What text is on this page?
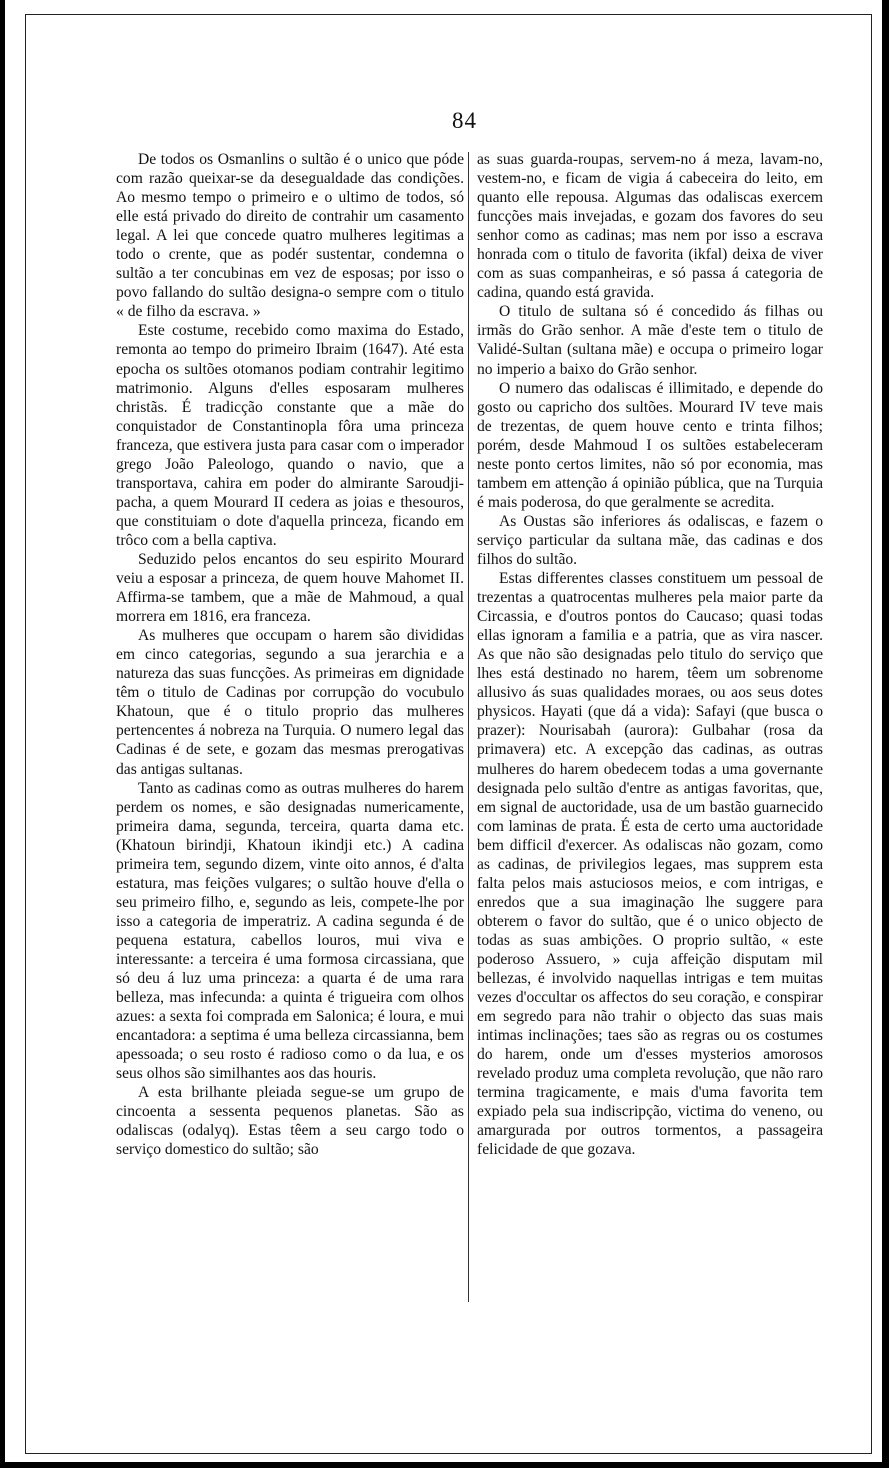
84

De todos os Osmanlins o sultão é o unico que póde com razão queixar-se da desegualdade das condições. Ao mesmo tempo o primeiro e o ultimo de todos, só elle está privado do direito de contrahir um casamento legal. A lei que concede quatro mulheres legitimas a todo o crente, que as podér sustentar, condemna o sultão a ter concubinas em vez de esposas; por isso o povo fallando do sultão designa-o sempre com o titulo « de filho da escrava. »

Este costume, recebido como maxima do Estado, remonta ao tempo do primeiro Ibraim (1647). Até esta epocha os sultões otomanos podiam contrahir legitimo matrimonio. Alguns d'elles esposaram mulheres christãs. É tradicção constante que a mãe do conquistador de Constantinopla fôra uma princeza franceza, que estivera justa para casar com o imperador grego João Paleologo, quando o navio, que a transportava, cahira em poder do almirante Saroudji-pacha, a quem Mourard II cedera as joias e thesouros, que constituiam o dote d'aquella princeza, ficando em trôco com a bella captiva.

Seduzido pelos encantos do seu espirito Mourard veiu a esposar a princeza, de quem houve Mahomet II. Affirma-se tambem, que a mãe de Mahmoud, a qual morrera em 1816, era franceza.

As mulheres que occupam o harem são divididas em cinco categorias, segundo a sua jerarchia e a natureza das suas funcções. As primeiras em dignidade têm o titulo de Cadinas por corrupção do vocubulo Khatoun, que é o titulo proprio das mulheres pertencentes á nobreza na Turquia. O numero legal das Cadinas é de sete, e gozam das mesmas prerogativas das antigas sultanas.

Tanto as cadinas como as outras mulheres do harem perdem os nomes, e são designadas numericamente, primeira dama, segunda, terceira, quarta dama etc. (Khatoun birindji, Khatoun ikindji etc.) A cadina primeira tem, segundo dizem, vinte oito annos, é d'alta estatura, mas feições vulgares; o sultão houve d'ella o seu primeiro filho, e, segundo as leis, compete-lhe por isso a categoria de imperatriz. A cadina segunda é de pequena estatura, cabellos louros, mui viva e interessante: a terceira é uma formosa circassiana, que só deu á luz uma princeza: a quarta é de uma rara belleza, mas infecunda: a quinta é trigueira com olhos azues: a sexta foi comprada em Salonica; é loura, e mui encantadora: a septima é uma belleza circassianna, bem apessoada; o seu rosto é radioso como o da lua, e os seus olhos são similhantes aos das houris.

A esta brilhante pleiada segue-se um grupo de cincoenta a sessenta pequenos planetas. São as odaliscas (odalyq). Estas têem a seu cargo todo o serviço domestico do sultão; são

as suas guarda-roupas, servem-no á meza, lavam-no, vestem-no, e ficam de vigia á cabeceira do leito, em quanto elle repousa. Algumas das odaliscas exercem funcções mais invejadas, e gozam dos favores do seu senhor como as cadinas; mas nem por isso a escrava honrada com o titulo de favorita (ikfal) deixa de viver com as suas companheiras, e só passa á categoria de cadina, quando está gravida.

O titulo de sultana só é concedido ás filhas ou irmãs do Grão senhor. A mãe d'este tem o titulo de Validé-Sultan (sultana mãe) e occupa o primeiro logar no imperio a baixo do Grão senhor.

O numero das odaliscas é illimitado, e depende do gosto ou capricho dos sultões. Mourard IV teve mais de trezentas, de quem houve cento e trinta filhos; porém, desde Mahmoud I os sultões estabeleceram neste ponto certos limites, não só por economia, mas tambem em attenção á opinião pública, que na Turquia é mais poderosa, do que geralmente se acredita.

As Oustas são inferiores ás odaliscas, e fazem o serviço particular da sultana mãe, das cadinas e dos filhos do sultão.

Estas differentes classes constituem um pessoal de trezentas a quatrocentas mulheres pela maior parte da Circassia, e d'outros pontos do Caucaso; quasi todas ellas ignoram a familia e a patria, que as vira nascer. As que não são designadas pelo titulo do serviço que lhes está destinado no harem, têem um sobrenome allusivo ás suas qualidades moraes, ou aos seus dotes physicos. Hayati (que dá a vida): Safayi (que busca o prazer): Nourisabah (aurora): Gulbahar (rosa da primavera) etc. A excepção das cadinas, as outras mulheres do harem obedecem todas a uma governante designada pelo sultão d'entre as antigas favoritas, que, em signal de auctoridade, usa de um bastão guarnecido com laminas de prata. É esta de certo uma auctoridade bem difficil d'exercer. As odaliscas não gozam, como as cadinas, de privilegios legaes, mas supprem esta falta pelos mais astuciosos meios, e com intrigas, e enredos que a sua imaginação lhe suggere para obterem o favor do sultão, que é o unico objecto de todas as suas ambições. O proprio sultão, « este poderoso Assuero, » cuja affeição disputam mil bellezas, é involvido naquellas intrigas e tem muitas vezes d'occultar os affectos do seu coração, e conspirar em segredo para não trahir o objecto das suas mais intimas inclinações; taes são as regras ou os costumes do harem, onde um d'esses mysterios amorosos revelado produz uma completa revolução, que não raro termina tragicamente, e mais d'uma favorita tem expiado pela sua indiscripção, victima do veneno, ou amargurada por outros tormentos, a passageira felicidade de que gozava.
